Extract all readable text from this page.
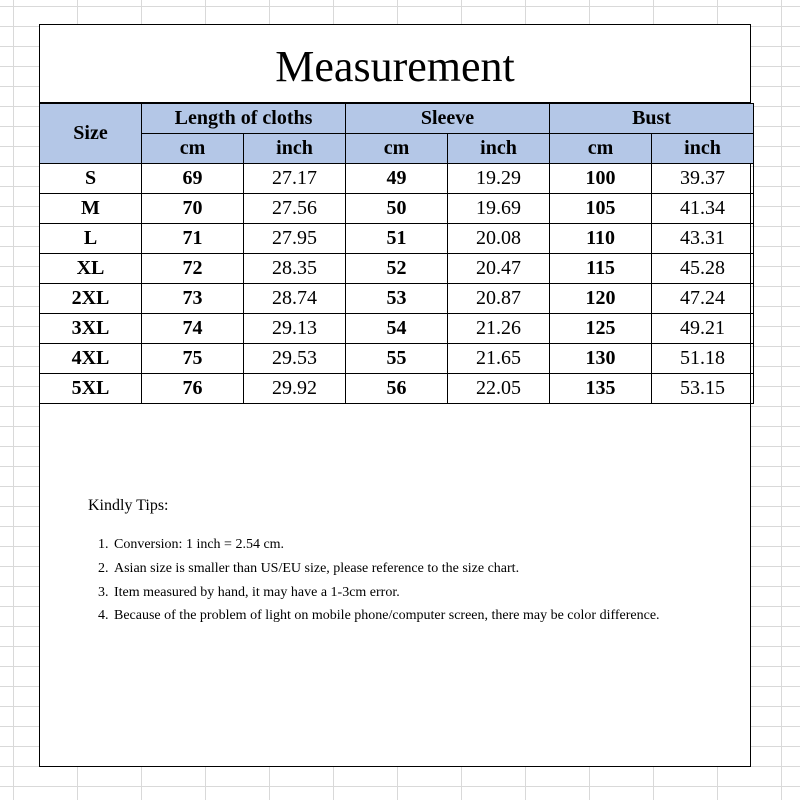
Measurement
Size	Length of cloths		Sleeve		Bust	
	cm	inch	cm	inch	cm	inch
S	69	27.17	49	19.29	100	39.37
M	70	27.56	50	19.69	105	41.34
L	71	27.95	51	20.08	110	43.31
XL	72	28.35	52	20.47	115	45.28
2XL	73	28.74	53	20.87	120	47.24
3XL	74	29.13	54	21.26	125	49.21
4XL	75	29.53	55	21.65	130	51.18
5XL	76	29.92	56	22.05	135	53.15
Kindly Tips:
1. Conversion: 1 inch = 2.54 cm.
2. Asian size is smaller than US/EU size, please reference to the size chart.
3. Item measured by hand, it may have a 1-3cm error.
4. Because of the problem of light on mobile phone/computer screen, there may be color difference.
